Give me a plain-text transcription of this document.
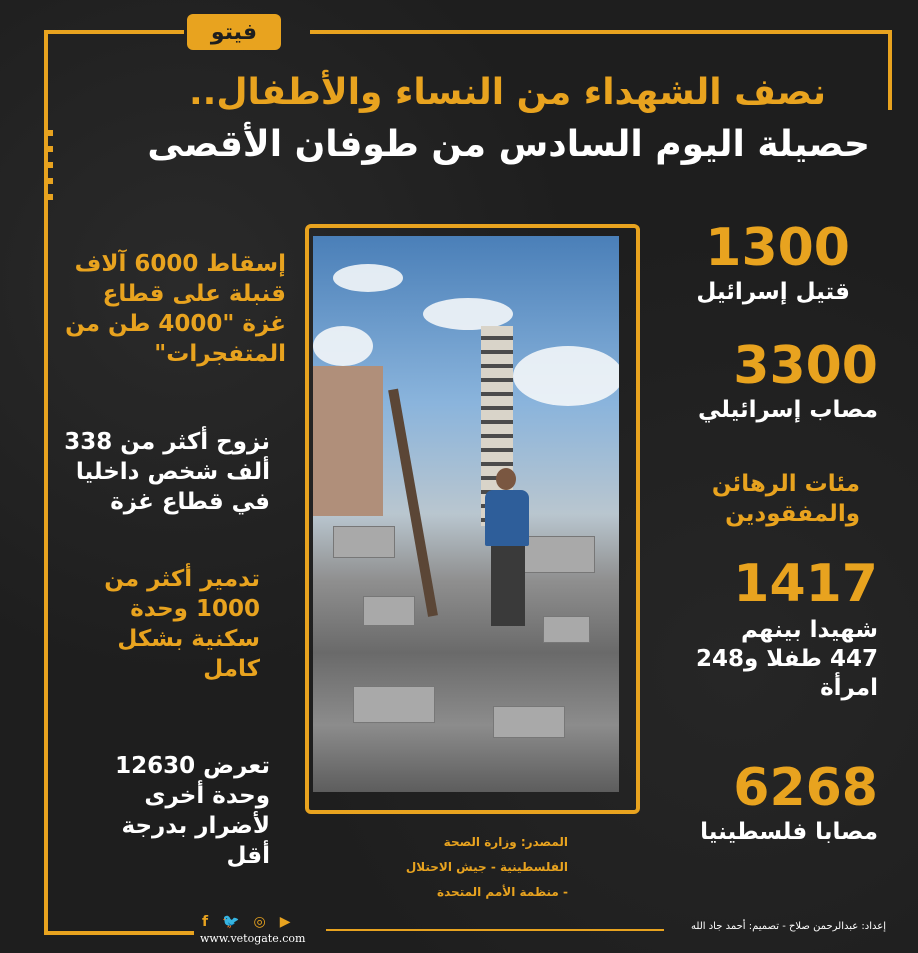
فيتو
نصف الشهداء من النساء والأطفال..
حصيلة اليوم السادس من طوفان الأقصى
1300
قتيل إسرائيل
3300
مصاب إسرائيلي
مئات الرهائن والمفقودين
1417
شهيدا بينهم 447 طفلا و248 امرأة
6268
مصابا فلسطينيا
إسقاط 6000 آلاف قنبلة على قطاع غزة "4000 طن من المتفجرات"
نزوح أكثر من 338 ألف شخص داخليا في قطاع غزة
تدمير أكثر من 1000 وحدة سكنية بشكل كامل
تعرض 12630 وحدة أخرى لأضرار بدرجة أقل
المصدر: وزارة الصحة
الفلسطينية - جيش الاحتلال
- منظمة الأمم المتحدة
f 🐦 ◎ ▶
www.vetogate.com
إعداد: عبدالرحمن صلاح - تصميم: أحمد جاد الله
